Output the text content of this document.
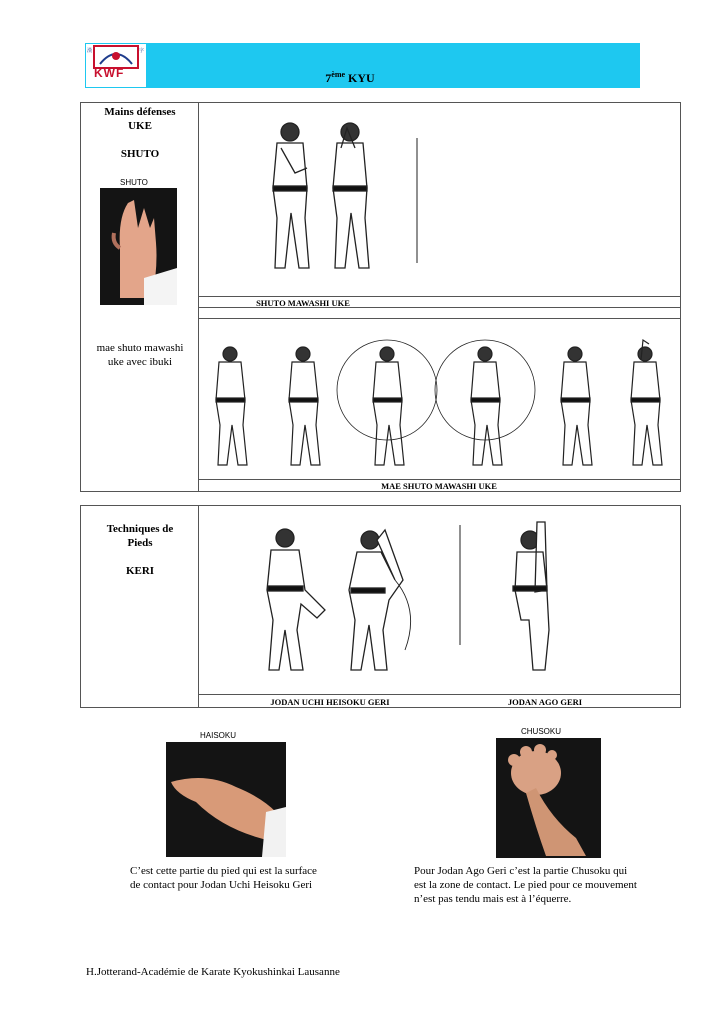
漢	字
KWF	7ème KYU
Mains défenses
UKE
SHUTO
SHUTO
mae shuto mawashi
uke avec ibuki
SHUTO MAWASHI UKE
MAE SHUTO MAWASHI UKE
Techniques de
Pieds
KERI
JODAN UCHI HEISOKU GERI	JODAN AGO GERI
HAISOKU
C’est cette partie du pied qui est la surface
de contact pour Jodan Uchi Heisoku Geri
CHUSOKU
Pour Jodan Ago Geri c’est la partie Chusoku qui
est la zone de contact. Le pied pour ce mouvement
n’est pas tendu mais est à l’équerre.
H.Jotterand-Académie de Karate Kyokushinkai Lausanne
